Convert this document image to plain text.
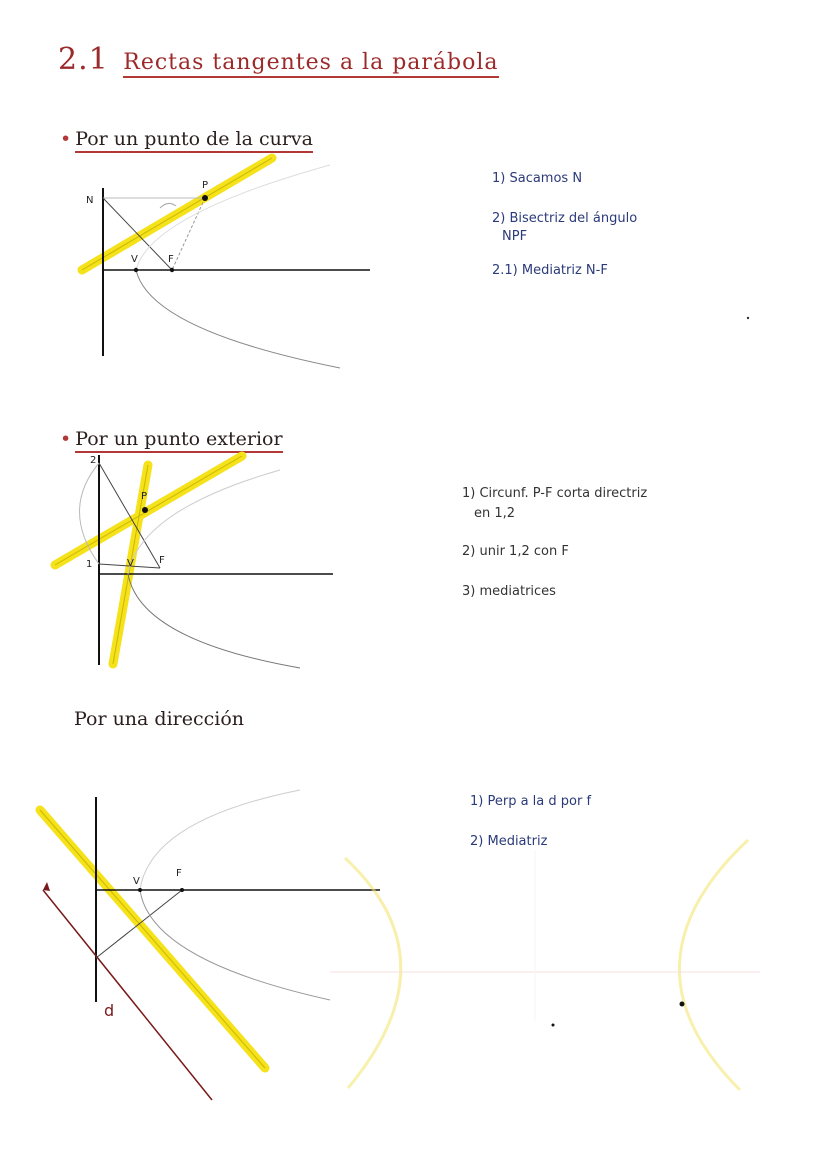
2.1 Rectas tangentes a la parábola
• Por un punto de la curva
1) Sacamos N
2) Bisectriz del ángulo
NPF
2.1) Mediatriz N-F
• Por un punto exterior
1) Circunf. P-F corta directriz
en 1,2
2) unir 1,2 con F
3) mediatrices
Por una dirección
1) Perp a la d por f
2) Mediatriz
N
P
V	F
P
V	F
1
2
V
F
d
